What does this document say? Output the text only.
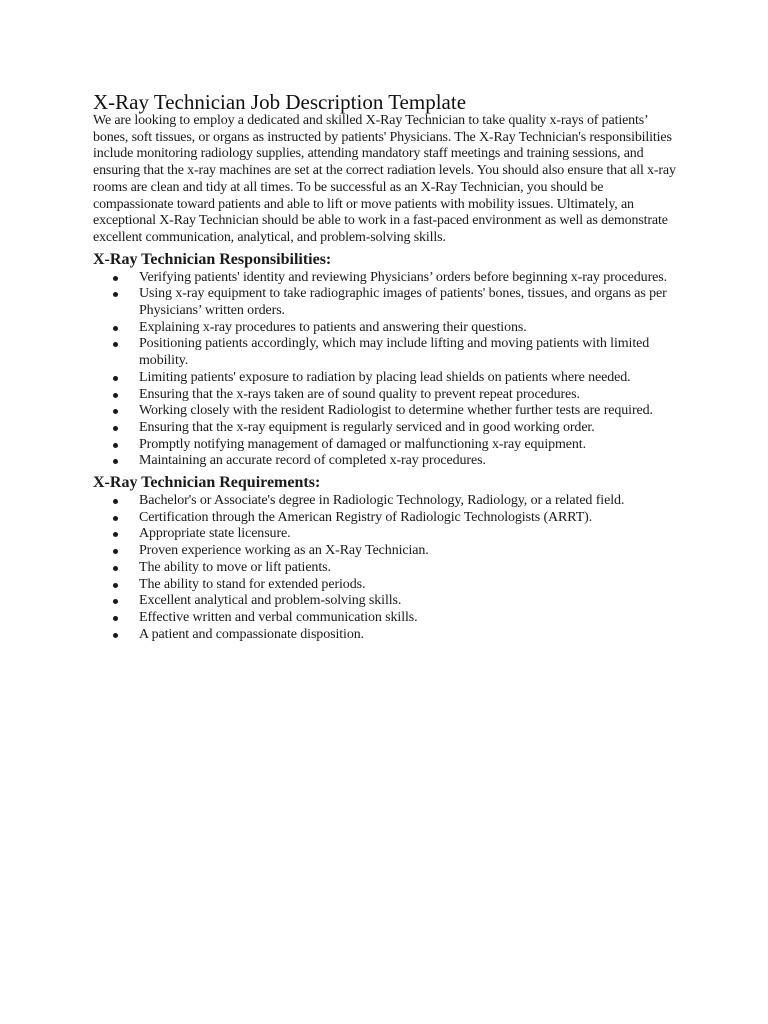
X-Ray Technician Job Description Template

We are looking to employ a dedicated and skilled X-Ray Technician to take quality x-rays of patients’ bones, soft tissues, or organs as instructed by patients' Physicians. The X-Ray Technician's responsibilities include monitoring radiology supplies, attending mandatory staff meetings and training sessions, and ensuring that the x-ray machines are set at the correct radiation levels. You should also ensure that all x-ray rooms are clean and tidy at all times. To be successful as an X-Ray Technician, you should be compassionate toward patients and able to lift or move patients with mobility issues. Ultimately, an exceptional X-Ray Technician should be able to work in a fast-paced environment as well as demonstrate excellent communication, analytical, and problem-solving skills.

X-Ray Technician Responsibilities:
Verifying patients' identity and reviewing Physicians’ orders before beginning x-ray procedures.
Using x-ray equipment to take radiographic images of patients' bones, tissues, and organs as per Physicians’ written orders.
Explaining x-ray procedures to patients and answering their questions.
Positioning patients accordingly, which may include lifting and moving patients with limited mobility.
Limiting patients' exposure to radiation by placing lead shields on patients where needed.
Ensuring that the x-rays taken are of sound quality to prevent repeat procedures.
Working closely with the resident Radiologist to determine whether further tests are required.
Ensuring that the x-ray equipment is regularly serviced and in good working order.
Promptly notifying management of damaged or malfunctioning x-ray equipment.
Maintaining an accurate record of completed x-ray procedures.
X-Ray Technician Requirements:
Bachelor's or Associate's degree in Radiologic Technology, Radiology, or a related field.
Certification through the American Registry of Radiologic Technologists (ARRT).
Appropriate state licensure.
Proven experience working as an X-Ray Technician.
The ability to move or lift patients.
The ability to stand for extended periods.
Excellent analytical and problem-solving skills.
Effective written and verbal communication skills.
A patient and compassionate disposition.
